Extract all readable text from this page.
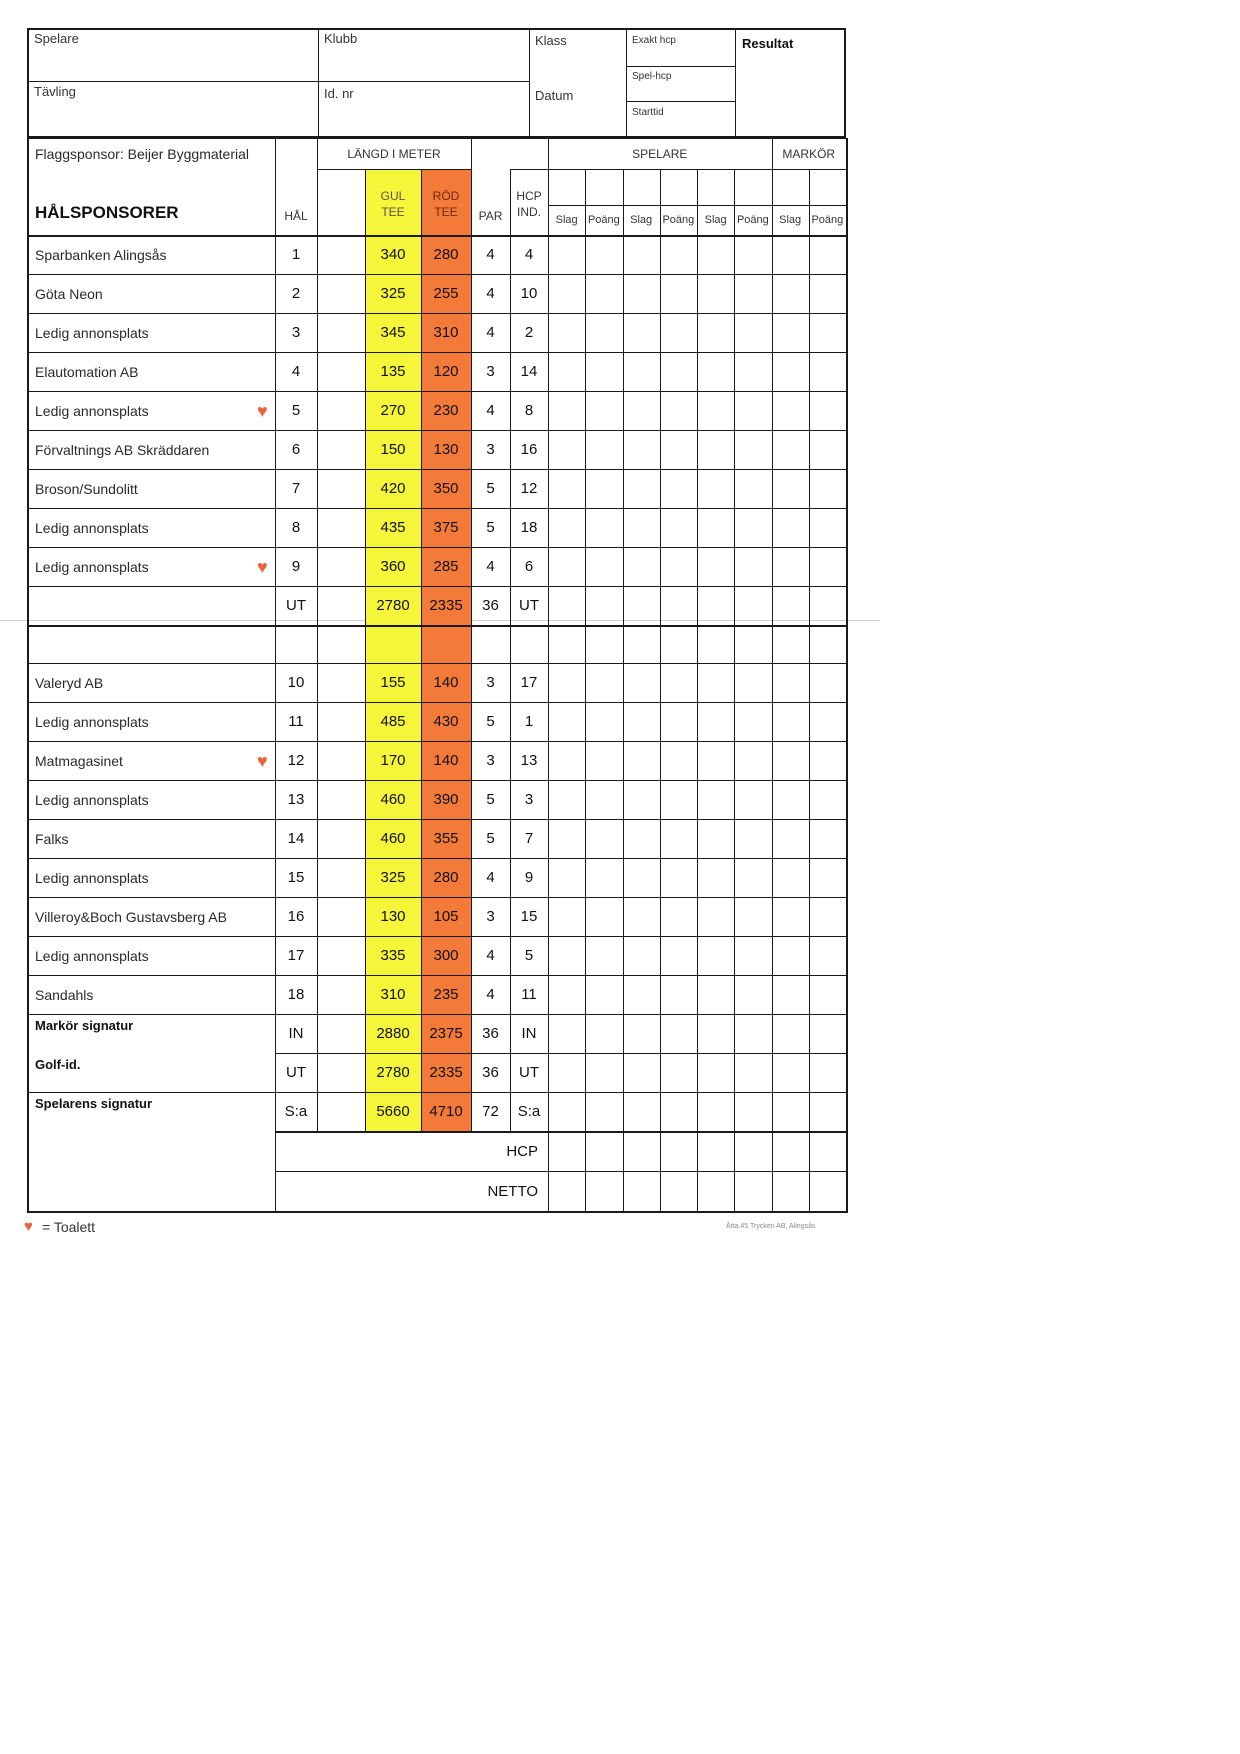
Spelare	Klubb	Klass	Exakt hcp	Resultat
Spel-hcp
Tävling	Id. nr	Datum
Starttid
♥ = Toalett	Åtta.45 Tryckeri AB, Alingsås
Flaggsponsor: Beijer Byggmaterial
HÅLSPONSORER	HÅL
LÄNGD I METER
GUL
TEE
RÖD
TEE	PAR
HCP
IND.
SPELARE	MARKÖR
Slag Poäng Slag Poäng Slag Poäng Slag Poäng
Sparbanken Alingsås	1	340	280	4	4
Göta Neon	2	325	255	4	10
Ledig annonsplats	3	345	310	4	2
Elautomation AB	4	135	120	3	14
Ledig annonsplats	♥	5	270	230	4	8
Förvaltnings AB Skräddaren	6	150	130	3	16
Broson/Sundolitt	7	420	350	5	12
Ledig annonsplats	8	435	375	5	18
Ledig annonsplats	♥	9	360	285	4	6
Valeryd AB	10	155	140	3	17
Ledig annonsplats	11	485	430	5	1
Matmagasinet	♥	12	170	140	3	13
Ledig annonsplats	13	460	390	5	3
Falks	14	460	355	5	7
Ledig annonsplats	15	325	280	4	9
Villeroy&Boch Gustavsberg AB	16	130	105	3	15
Ledig annonsplats	17	335	300	4	5
Sandahls	18	310	235	4	11
UT	2780	2335	36	UT
Markör signatur	IN	2880	2375	36	IN
Golf-id.	UT	2780	2335	36	UT
Spelarens signatur	S:a	5660	4710	72	S:a
HCP
NETTO
